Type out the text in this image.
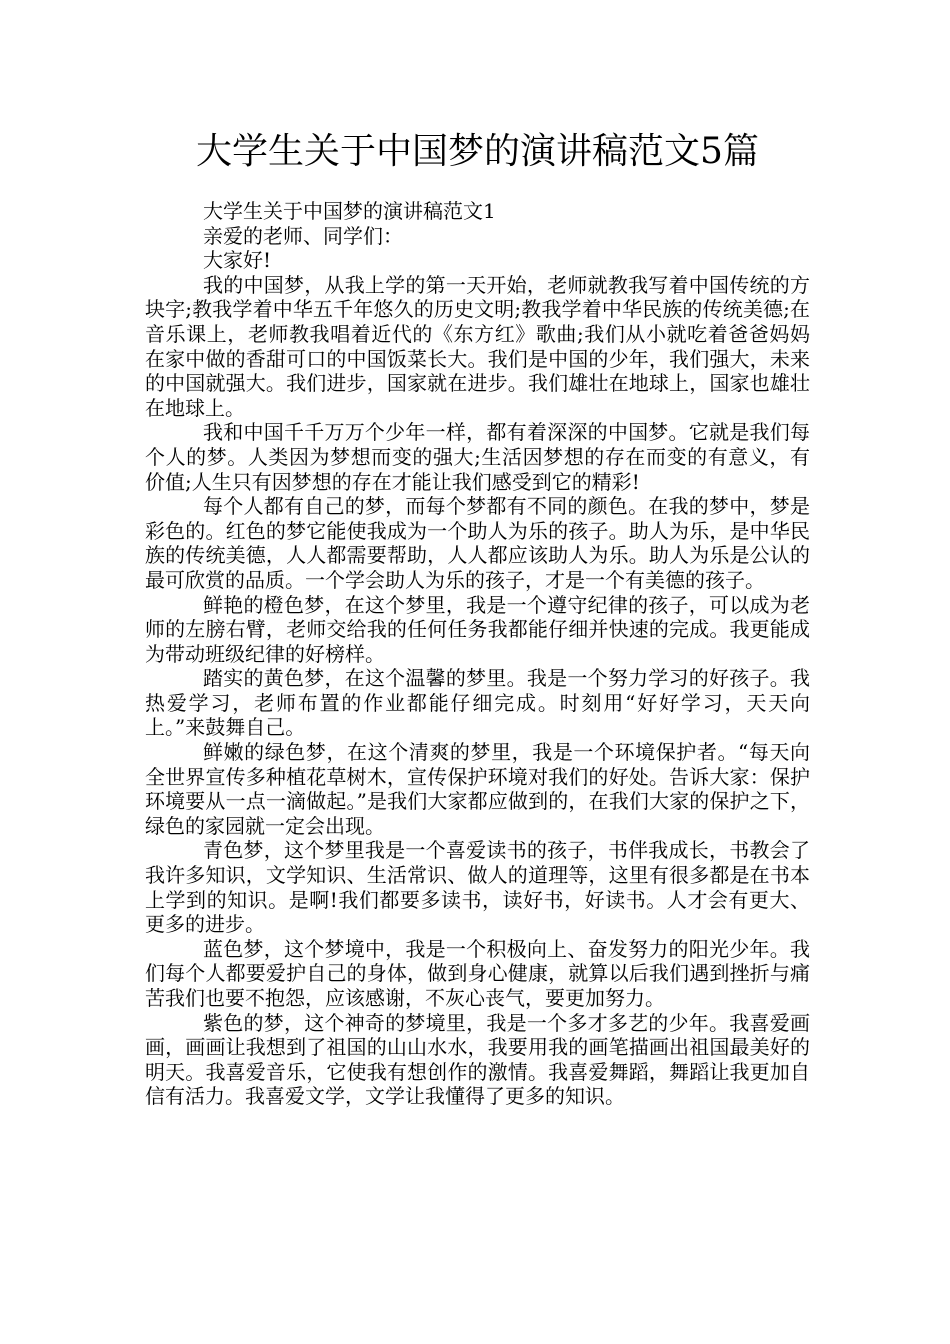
大学生关于中国梦的演讲稿范文5篇

大学生关于中国梦的演讲稿范文1

亲爱的老师、同学们：

大家好!

我的中国梦，从我上学的第一天开始，老师就教我写着中国传统的方块字;教我学着中华五千年悠久的历史文明;教我学着中华民族的传统美德;在音乐课上，老师教我唱着近代的《东方红》歌曲;我们从小就吃着爸爸妈妈在家中做的香甜可口的中国饭菜长大。我们是中国的少年，我们强大，未来的中国就强大。我们进步，国家就在进步。我们雄壮在地球上，国家也雄壮在地球上。

我和中国千千万万个少年一样，都有着深深的中国梦。它就是我们每个人的梦。人类因为梦想而变的强大;生活因梦想的存在而变的有意义，有价值;人生只有因梦想的存在才能让我们感受到它的精彩!

每个人都有自己的梦，而每个梦都有不同的颜色。在我的梦中，梦是彩色的。红色的梦它能使我成为一个助人为乐的孩子。助人为乐，是中华民族的传统美德，人人都需要帮助，人人都应该助人为乐。助人为乐是公认的最可欣赏的品质。一个学会助人为乐的孩子，才是一个有美德的孩子。

鲜艳的橙色梦，在这个梦里，我是一个遵守纪律的孩子，可以成为老师的左膀右臂，老师交给我的任何任务我都能仔细并快速的完成。我更能成为带动班级纪律的好榜样。

踏实的黄色梦，在这个温馨的梦里。我是一个努力学习的好孩子。我热爱学习，老师布置的作业都能仔细完成。时刻用“好好学习，天天向上。”来鼓舞自己。

鲜嫩的绿色梦，在这个清爽的梦里，我是一个环境保护者。“每天向全世界宣传多种植花草树木，宣传保护环境对我们的好处。告诉大家：保护环境要从一点一滴做起。”是我们大家都应做到的，在我们大家的保护之下，绿色的家园就一定会出现。

青色梦，这个梦里我是一个喜爱读书的孩子，书伴我成长，书教会了我许多知识，文学知识、生活常识、做人的道理等，这里有很多都是在书本上学到的知识。是啊!我们都要多读书，读好书，好读书。人才会有更大、更多的进步。

蓝色梦，这个梦境中，我是一个积极向上、奋发努力的阳光少年。我们每个人都要爱护自己的身体，做到身心健康，就算以后我们遇到挫折与痛苦我们也要不抱怨，应该感谢，不灰心丧气，要更加努力。

紫色的梦，这个神奇的梦境里，我是一个多才多艺的少年。我喜爱画画，画画让我想到了祖国的山山水水，我要用我的画笔描画出祖国最美好的明天。我喜爱音乐，它使我有想创作的激情。我喜爱舞蹈，舞蹈让我更加自信有活力。我喜爱文学，文学让我懂得了更多的知识。
